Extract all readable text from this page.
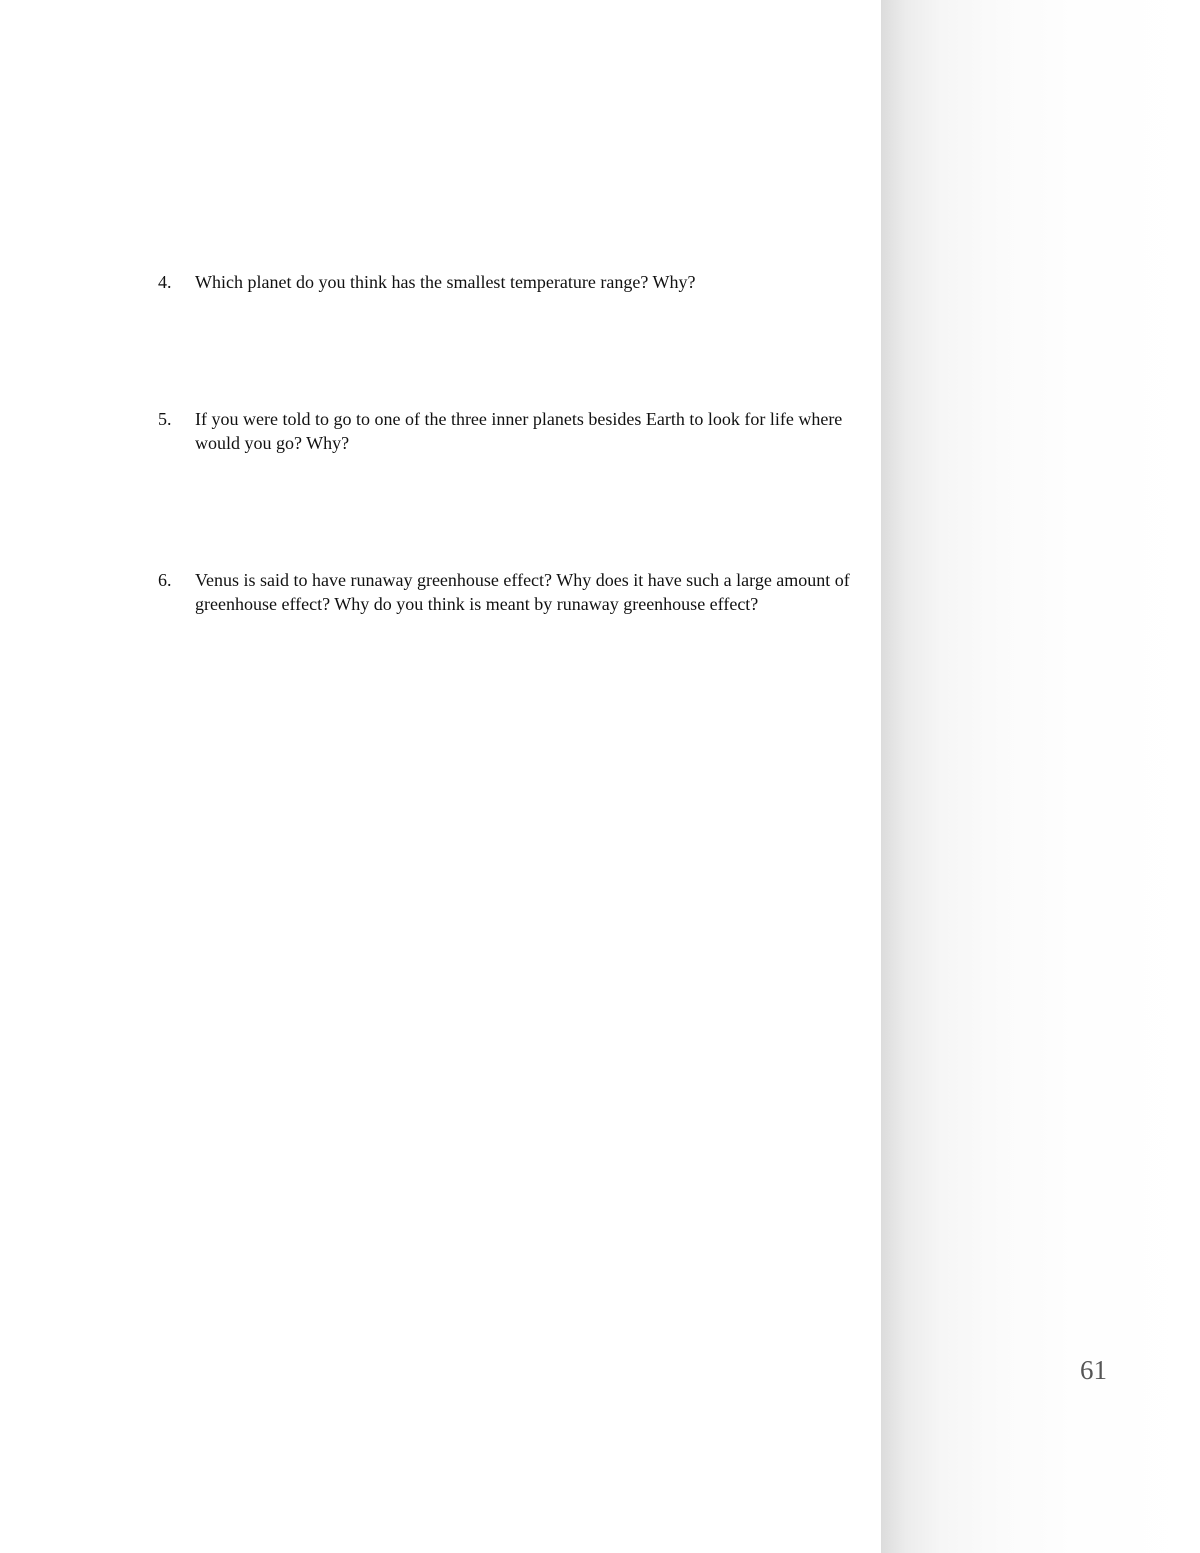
4.	Which planet do you think has the smallest temperature range? Why?
5.	If you were told to go to one of the three inner planets besides Earth to look for life where would you go? Why?
6.	Venus is said to have runaway greenhouse effect? Why does it have such a large amount of greenhouse effect? Why do you think is meant by runaway greenhouse effect?
61
